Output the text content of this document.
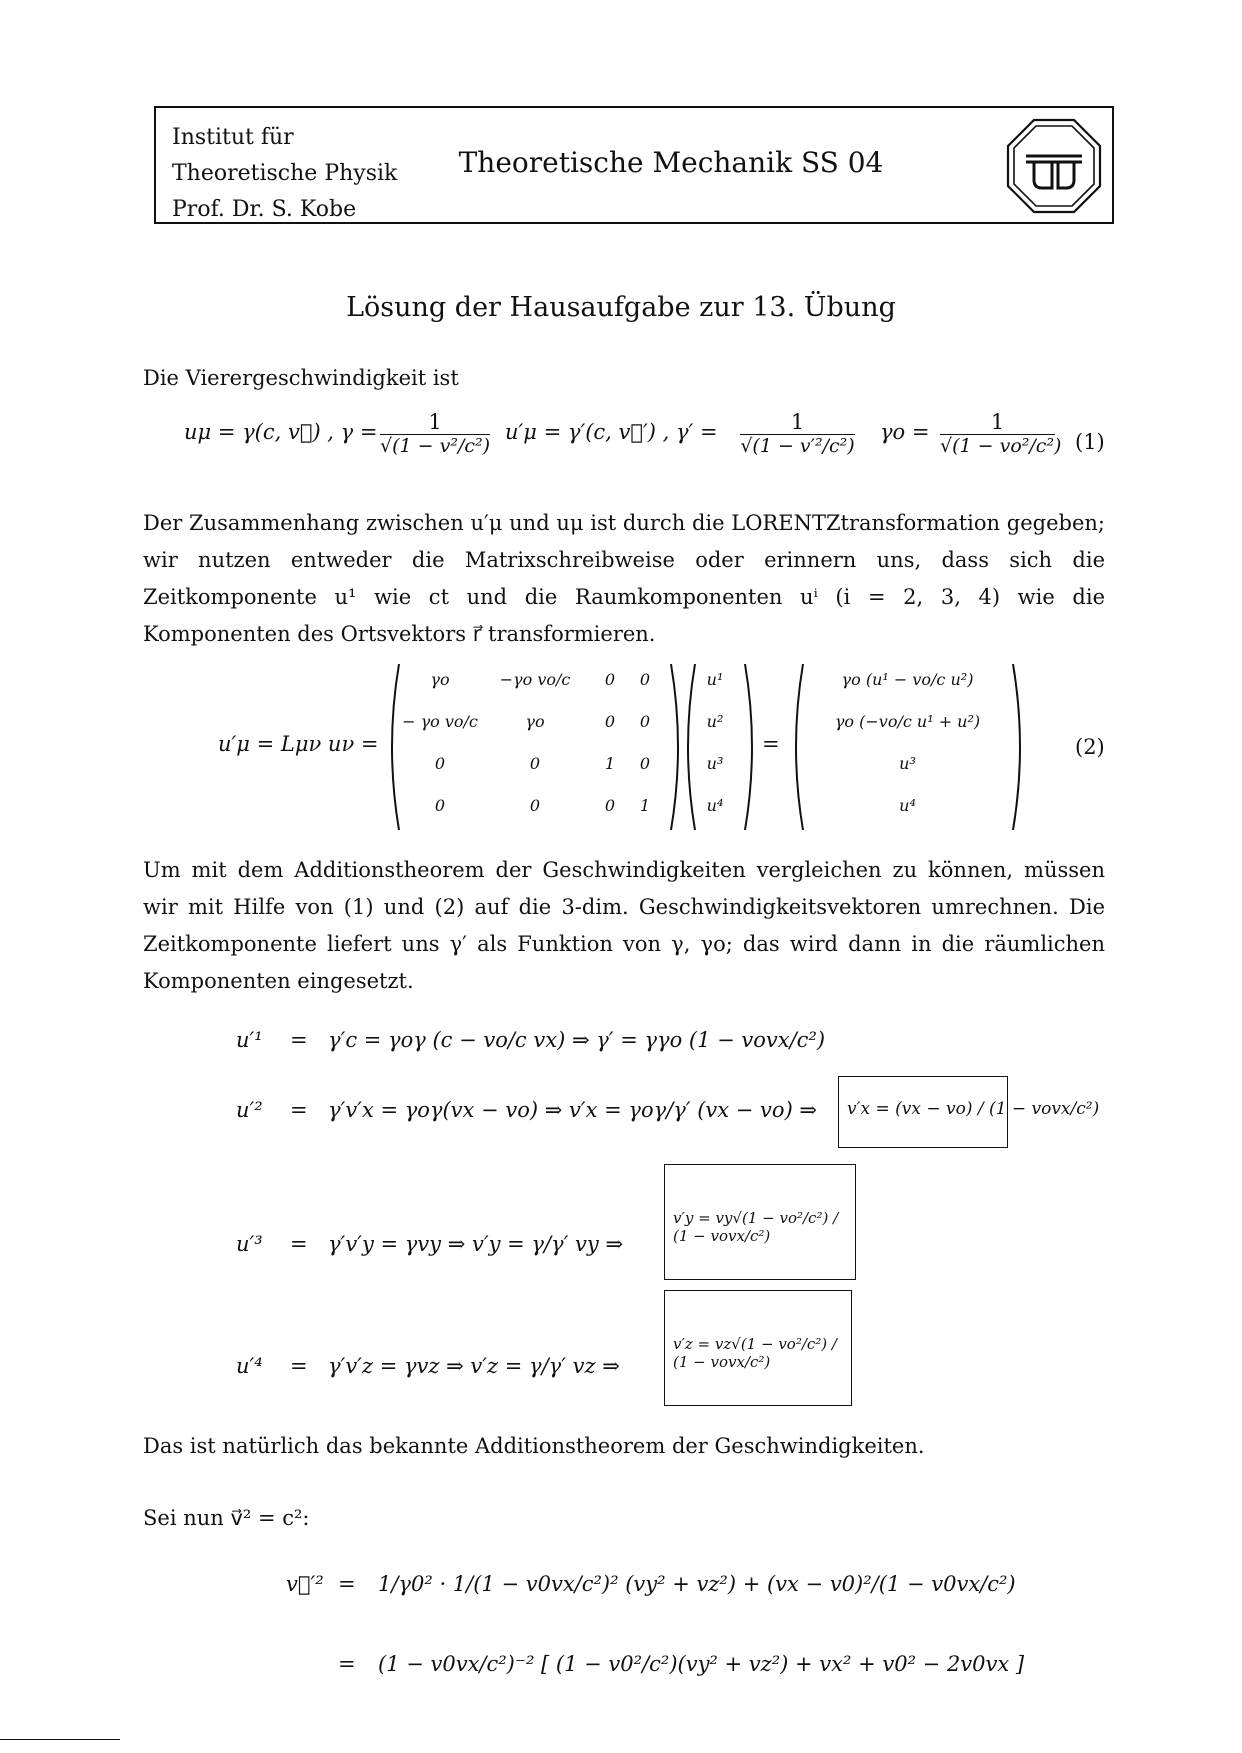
Institut für
Theoretische Physik
Prof. Dr. S. Kobe
Theoretische Mechanik SS 04
Lösung der Hausaufgabe zur 13. Übung

Die Vierergeschwindigkeit ist

uμ = γ(c, v⃗) , $\gamma = \frac{1}{\text{√(1 − v²/c²)}} u'\mu = \gamma'(c$, v⃗′) , $\gamma' = \frac{1}{\text{√(1 − v′²/c²)}}$ $\gamma o = \frac{1}{\text{√(1 − vo²/c²)}} (1)$

Der Zusammenhang zwischen u′μ und uμ ist durch die LORENTZtransformation gegeben; wir nutzen entweder die Matrixschreibweise oder erinnern uns, dass sich die Zeitkomponente u¹ wie ct und die Raumkomponenten uⁱ (i = 2, 3, 4) wie die Komponenten des Ortsvektors r⃗ transformieren.

u′μ = Lμν uν =
γo	−γo vo/c	0	0
− γo vo/c	γo	0	0
0	0	1	0
0	0	0	1
u¹
u²
u³
u⁴
=
γo (u¹ − vo/c u²)
γo (−vo/c u¹ + u²)
u³
u⁴
(2)

Um mit dem Additionstheorem der Geschwindigkeiten vergleichen zu können, müssen wir mit Hilfe von (1) und (2) auf die 3-dim. Geschwindigkeitsvektoren umrechnen. Die Zeitkomponente liefert uns γ′ als Funktion von γ, γo; das wird dann in die räumlichen Komponenten eingesetzt.

u′¹ = γ′c = γoγ (c − vo/c vx) ⇒ γ′ = γγo (1 − vovx/c²)
u′² = γ′v′x = γoγ(vx − vo) ⇒ v′x = γoγ/γ′ (vx − vo) ⇒ v′x = (vx − vo) / (1 − vovx/c²)
u′³ = γ′v′y = γvy ⇒ v′y = γ/γ′ vy ⇒
v′y = vy√(1 − vo²/c²) / (1 − vovx/c²)
u′⁴ = γ′v′z = γvz ⇒ v′z = γ/γ′ vz ⇒
v′z = vz√(1 − vo²/c²) / (1 − vovx/c²)

Das ist natürlich das bekannte Additionstheorem der Geschwindigkeiten.

Sei nun v⃗² = c²:

v⃗′² = 1/γ0² · 1/(1 − v0vx/c²)² (vy² + vz²) + (vx − v0)²/(1 − v0vx/c²)
= (1 − v0vx/c²)⁻² [ (1 − v0²/c²)(vy² + vz²) + vx² + v0² − 2v0vx ]
